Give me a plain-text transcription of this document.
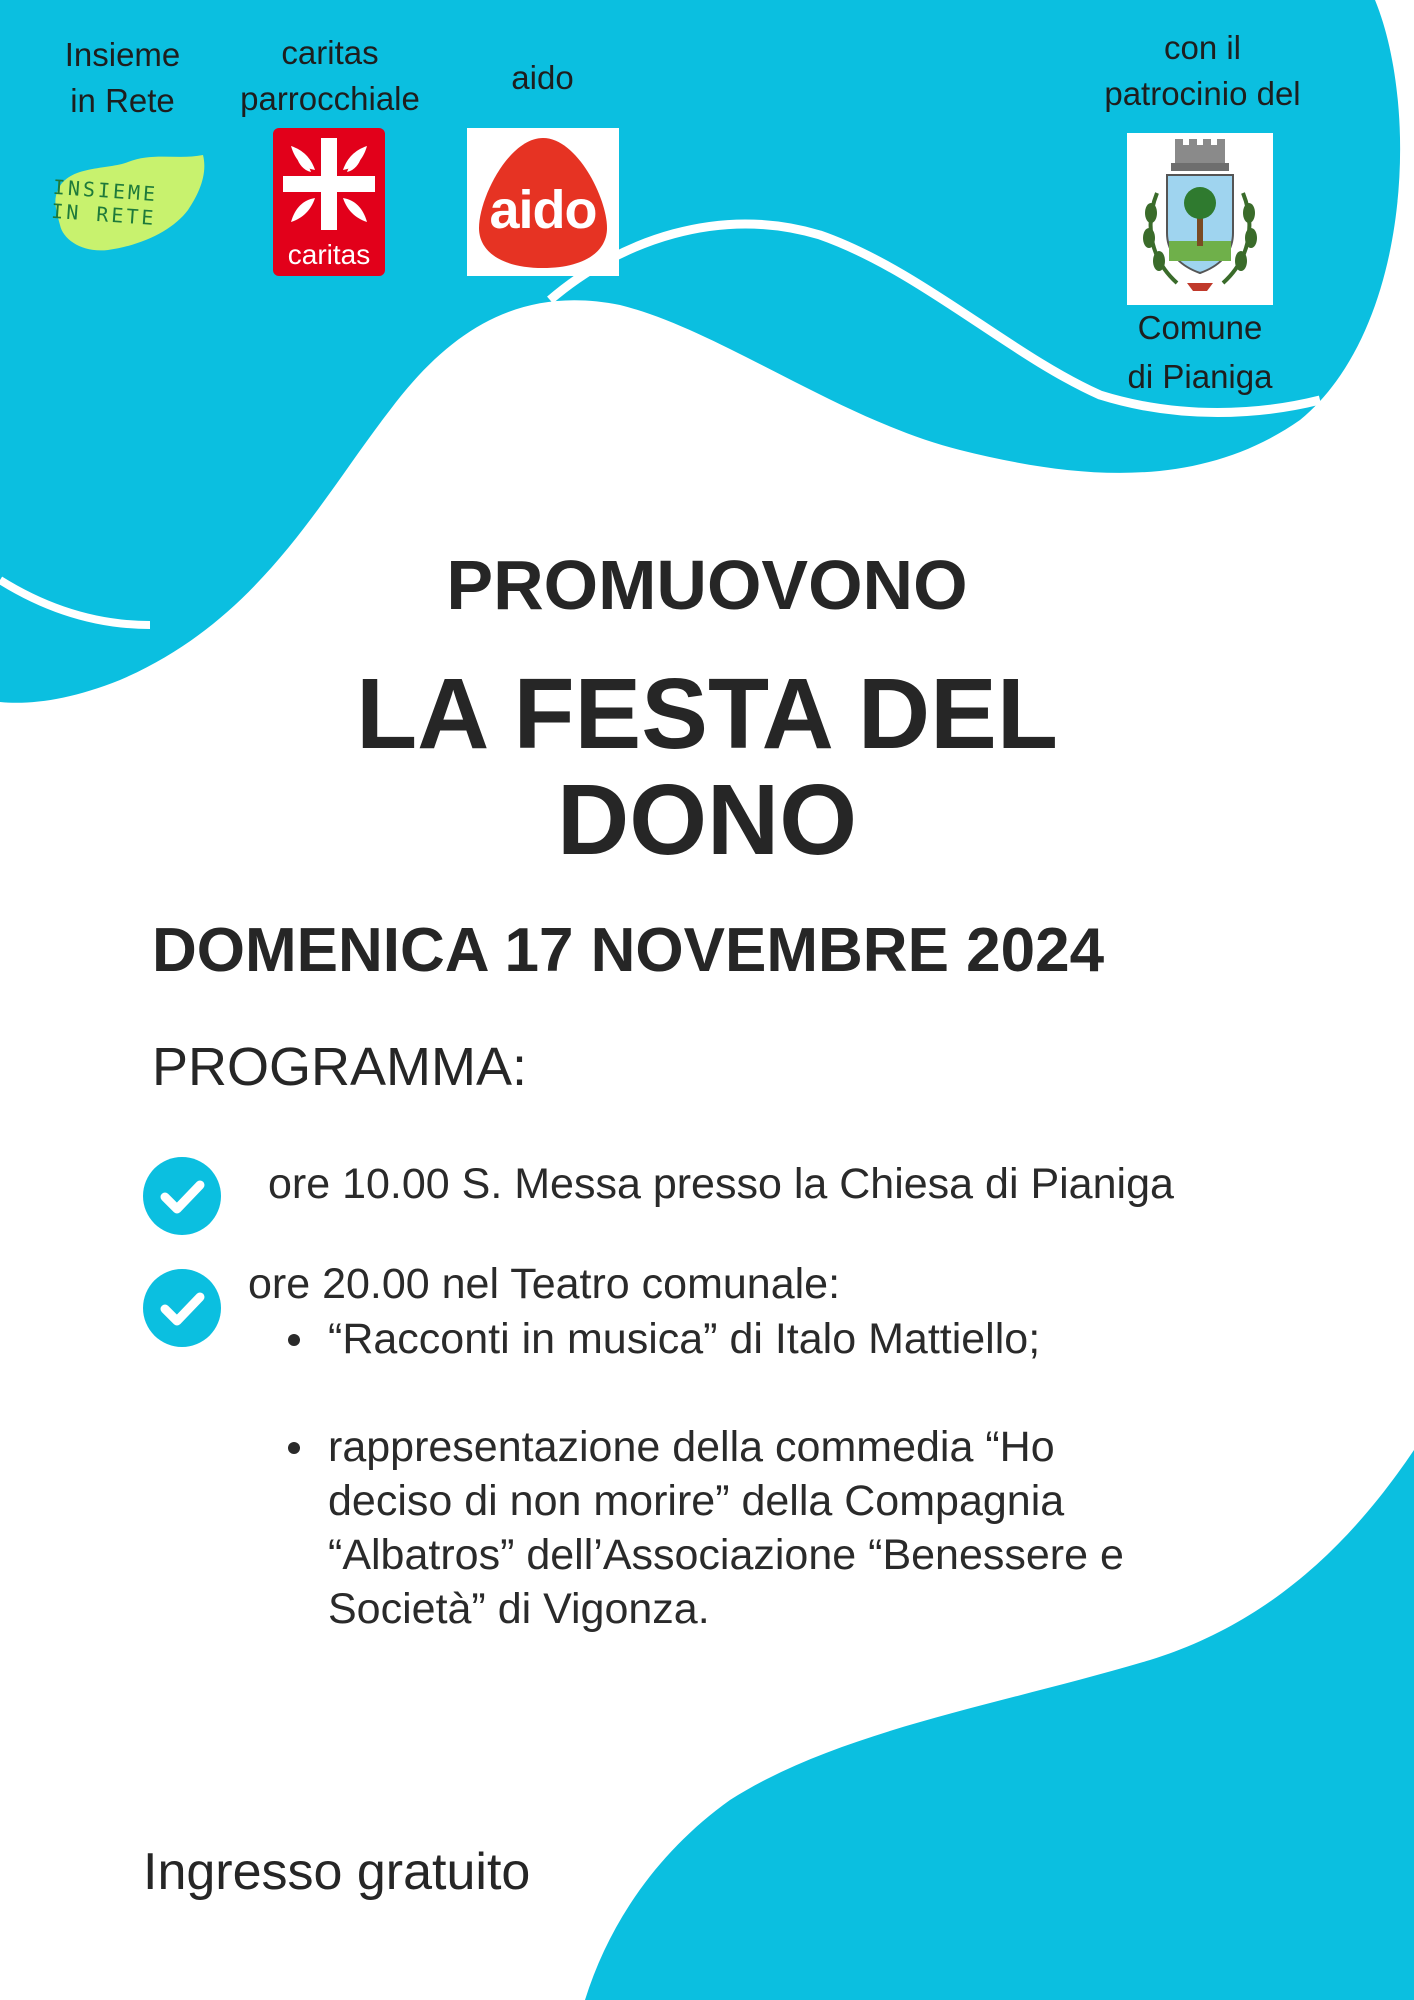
Insieme
in Rete
caritas
parrocchiale
aido
con il
patrocinio del
INSIEME
IN RETE
caritas
aido
Comune
di Pianiga
PROMUOVONO
LA FESTA DEL
DONO
DOMENICA 17 NOVEMBRE 2024
PROGRAMMA:
ore 10.00 S. Messa presso la Chiesa di Pianiga
ore 20.00 nel Teatro comunale:
“Racconti in musica” di Italo Mattiello;
rappresentazione della commedia “Ho
deciso di non morire” della Compagnia
“Albatros” dell’Associazione “Benessere e
Società” di Vigonza.
Ingresso gratuito
